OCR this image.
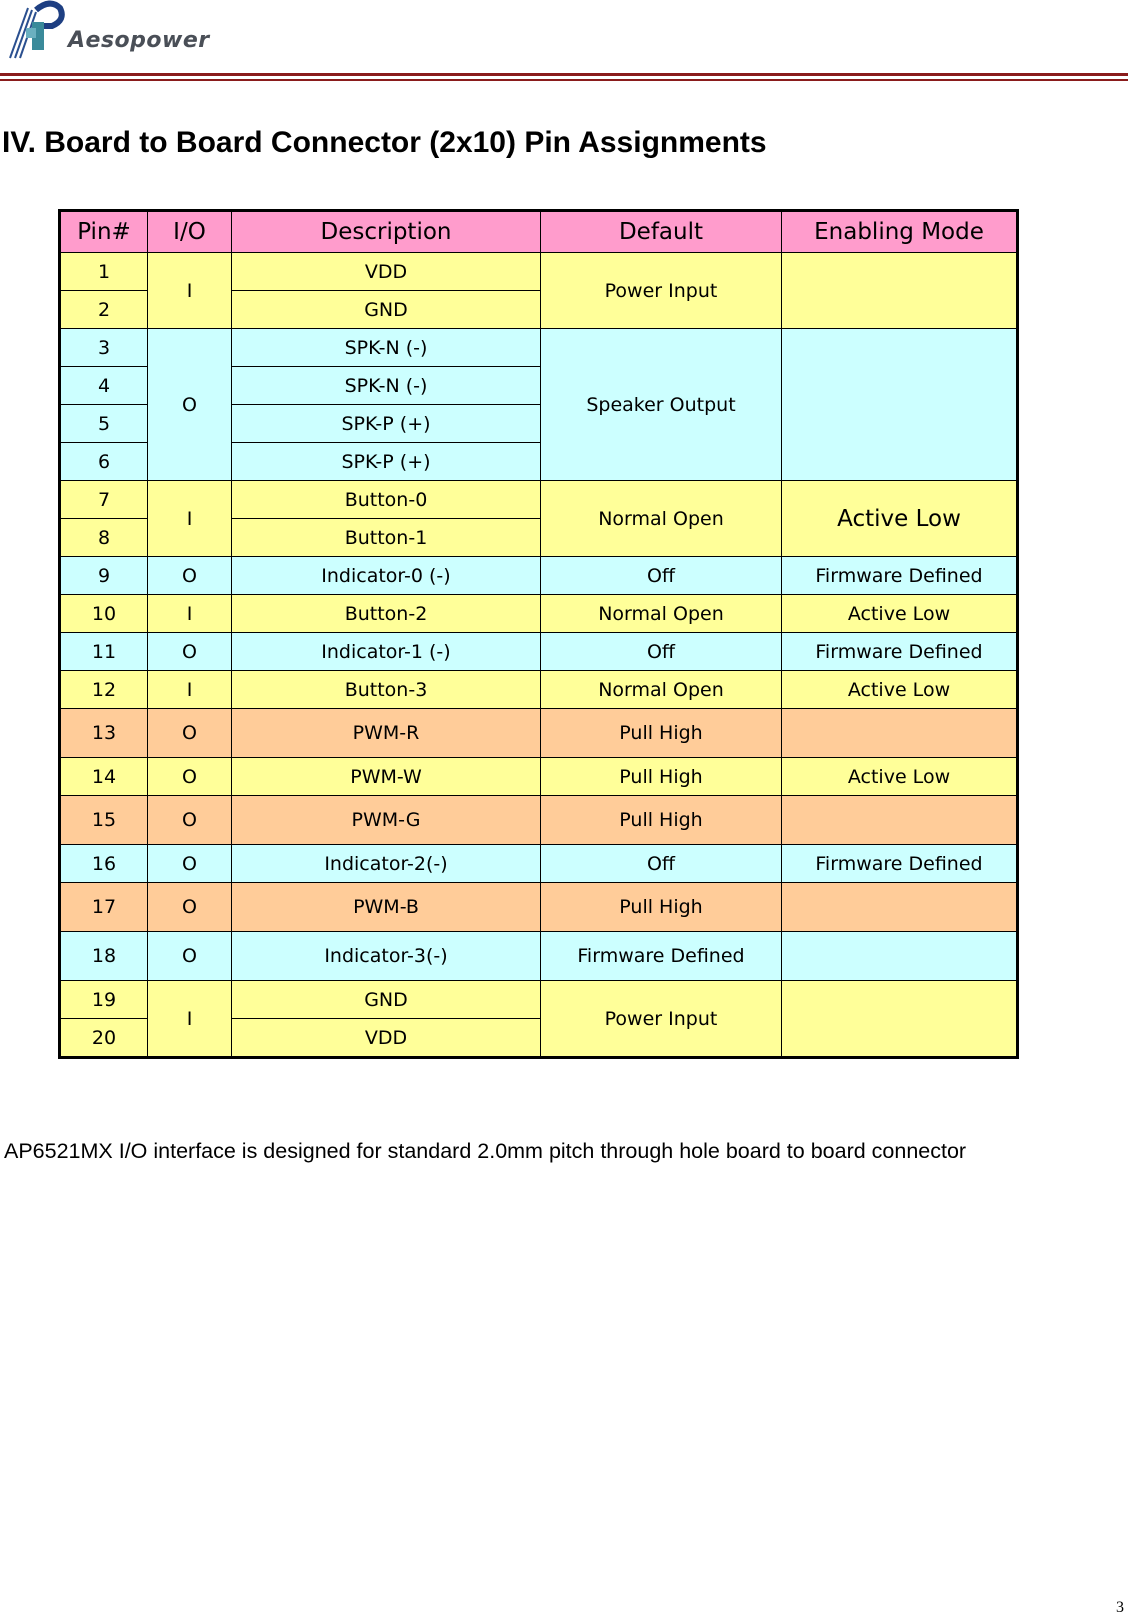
Aesopower
IV. Board to Board Connector (2x10) Pin Assignments
Pin#	I/O	Description	Default	Enabling Mode
1	I	VDD	Power Input	
2		GND		
3	O	SPK-N (-)	Speaker Output	
4		SPK-N (-)		
5		SPK-P (+)		
6		SPK-P (+)		
7	I	Button-0	Normal Open	Active Low
8		Button-1		
9	O	Indicator-0 (-)	Off	Firmware Defined
10	I	Button-2	Normal Open	Active Low
11	O	Indicator-1 (-)	Off	Firmware Defined
12	I	Button-3	Normal Open	Active Low
13	O	PWM-R	Pull High	
14	O	PWM-W	Pull High	Active Low
15	O	PWM-G	Pull High	
16	O	Indicator-2(-)	Off	Firmware Defined
17	O	PWM-B	Pull High	
18	O	Indicator-3(-)	Firmware Defined	
19	I	GND	Power Input	
20		VDD		
AP6521MX I/O interface is designed for standard 2.0mm pitch through hole board to board connector
3
